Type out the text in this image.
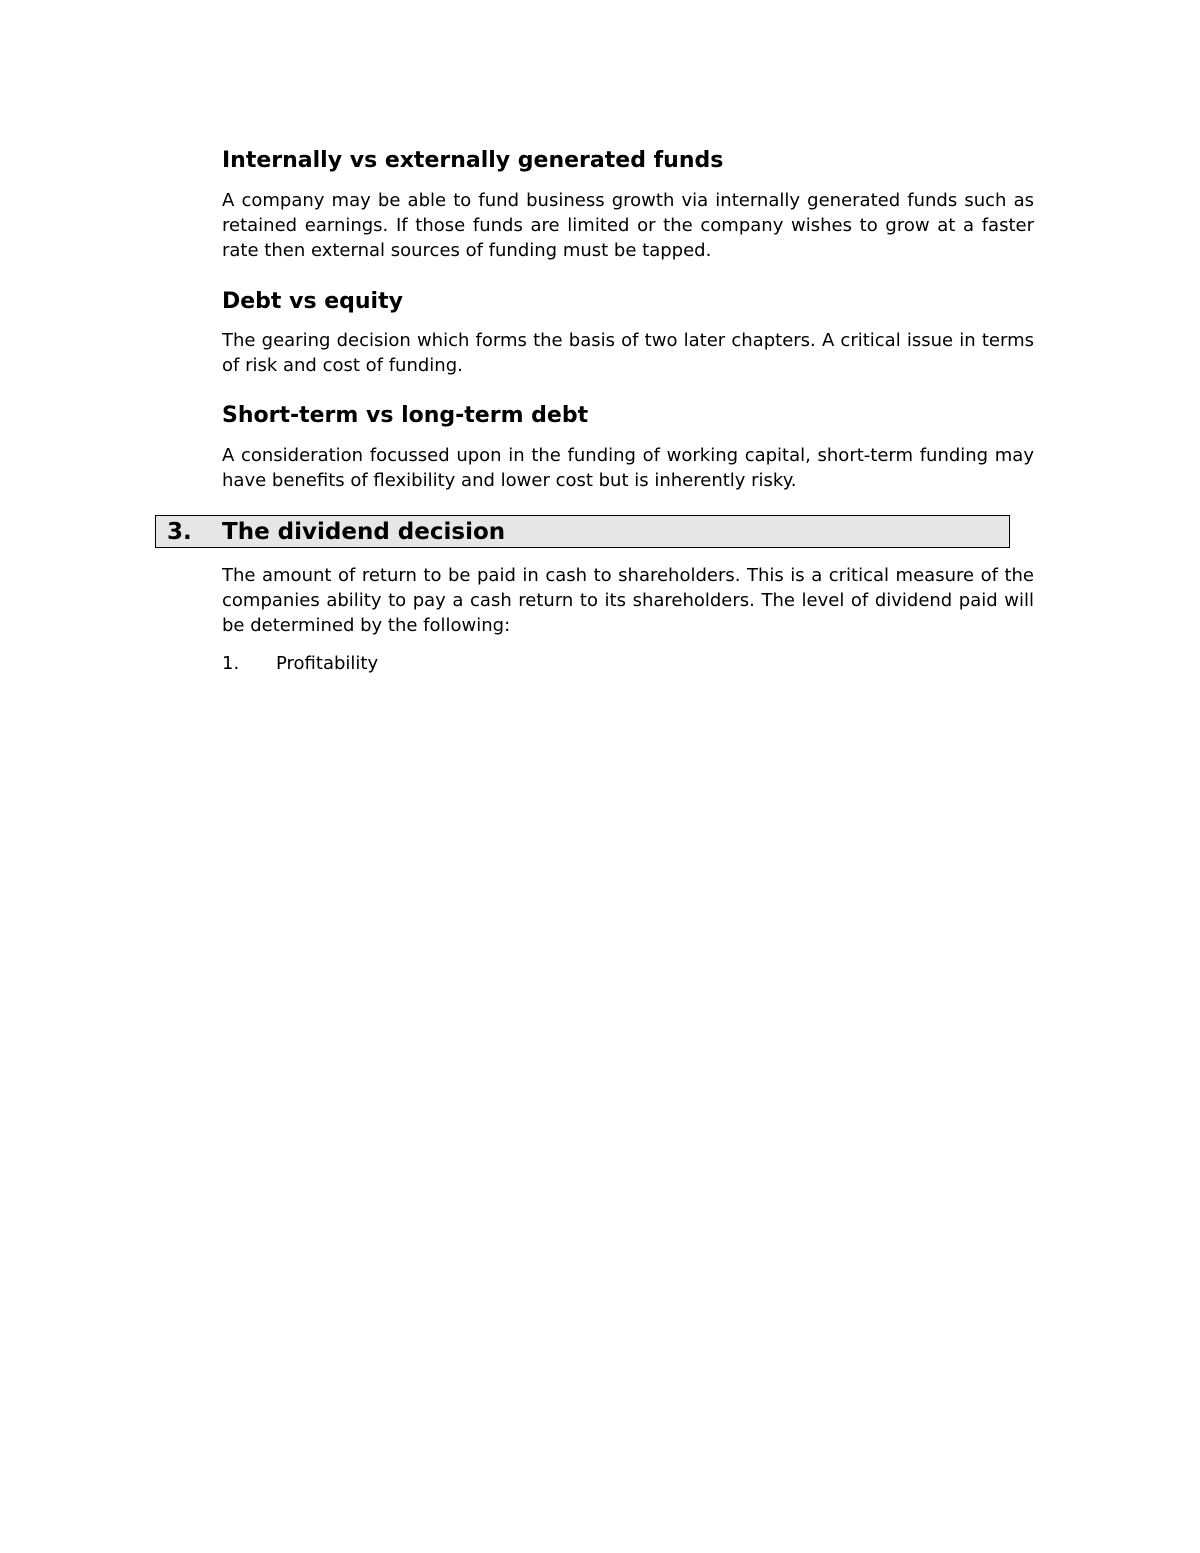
Internally vs externally generated funds

A company may be able to fund business growth via internally generated funds such as retained earnings. If those funds are limited or the company wishes to grow at a faster rate then external sources of funding must be tapped.

Debt vs equity

The gearing decision which forms the basis of two later chapters. A critical issue in terms of risk and cost of funding.

Short-term vs long-term debt

A consideration focussed upon in the funding of working capital, short-term funding may have benefits of flexibility and lower cost but is inherently risky.

3. The dividend decision

The amount of return to be paid in cash to shareholders. This is a critical measure of the companies ability to pay a cash return to its shareholders. The level of dividend paid will be determined by the following:

1. Profitability
